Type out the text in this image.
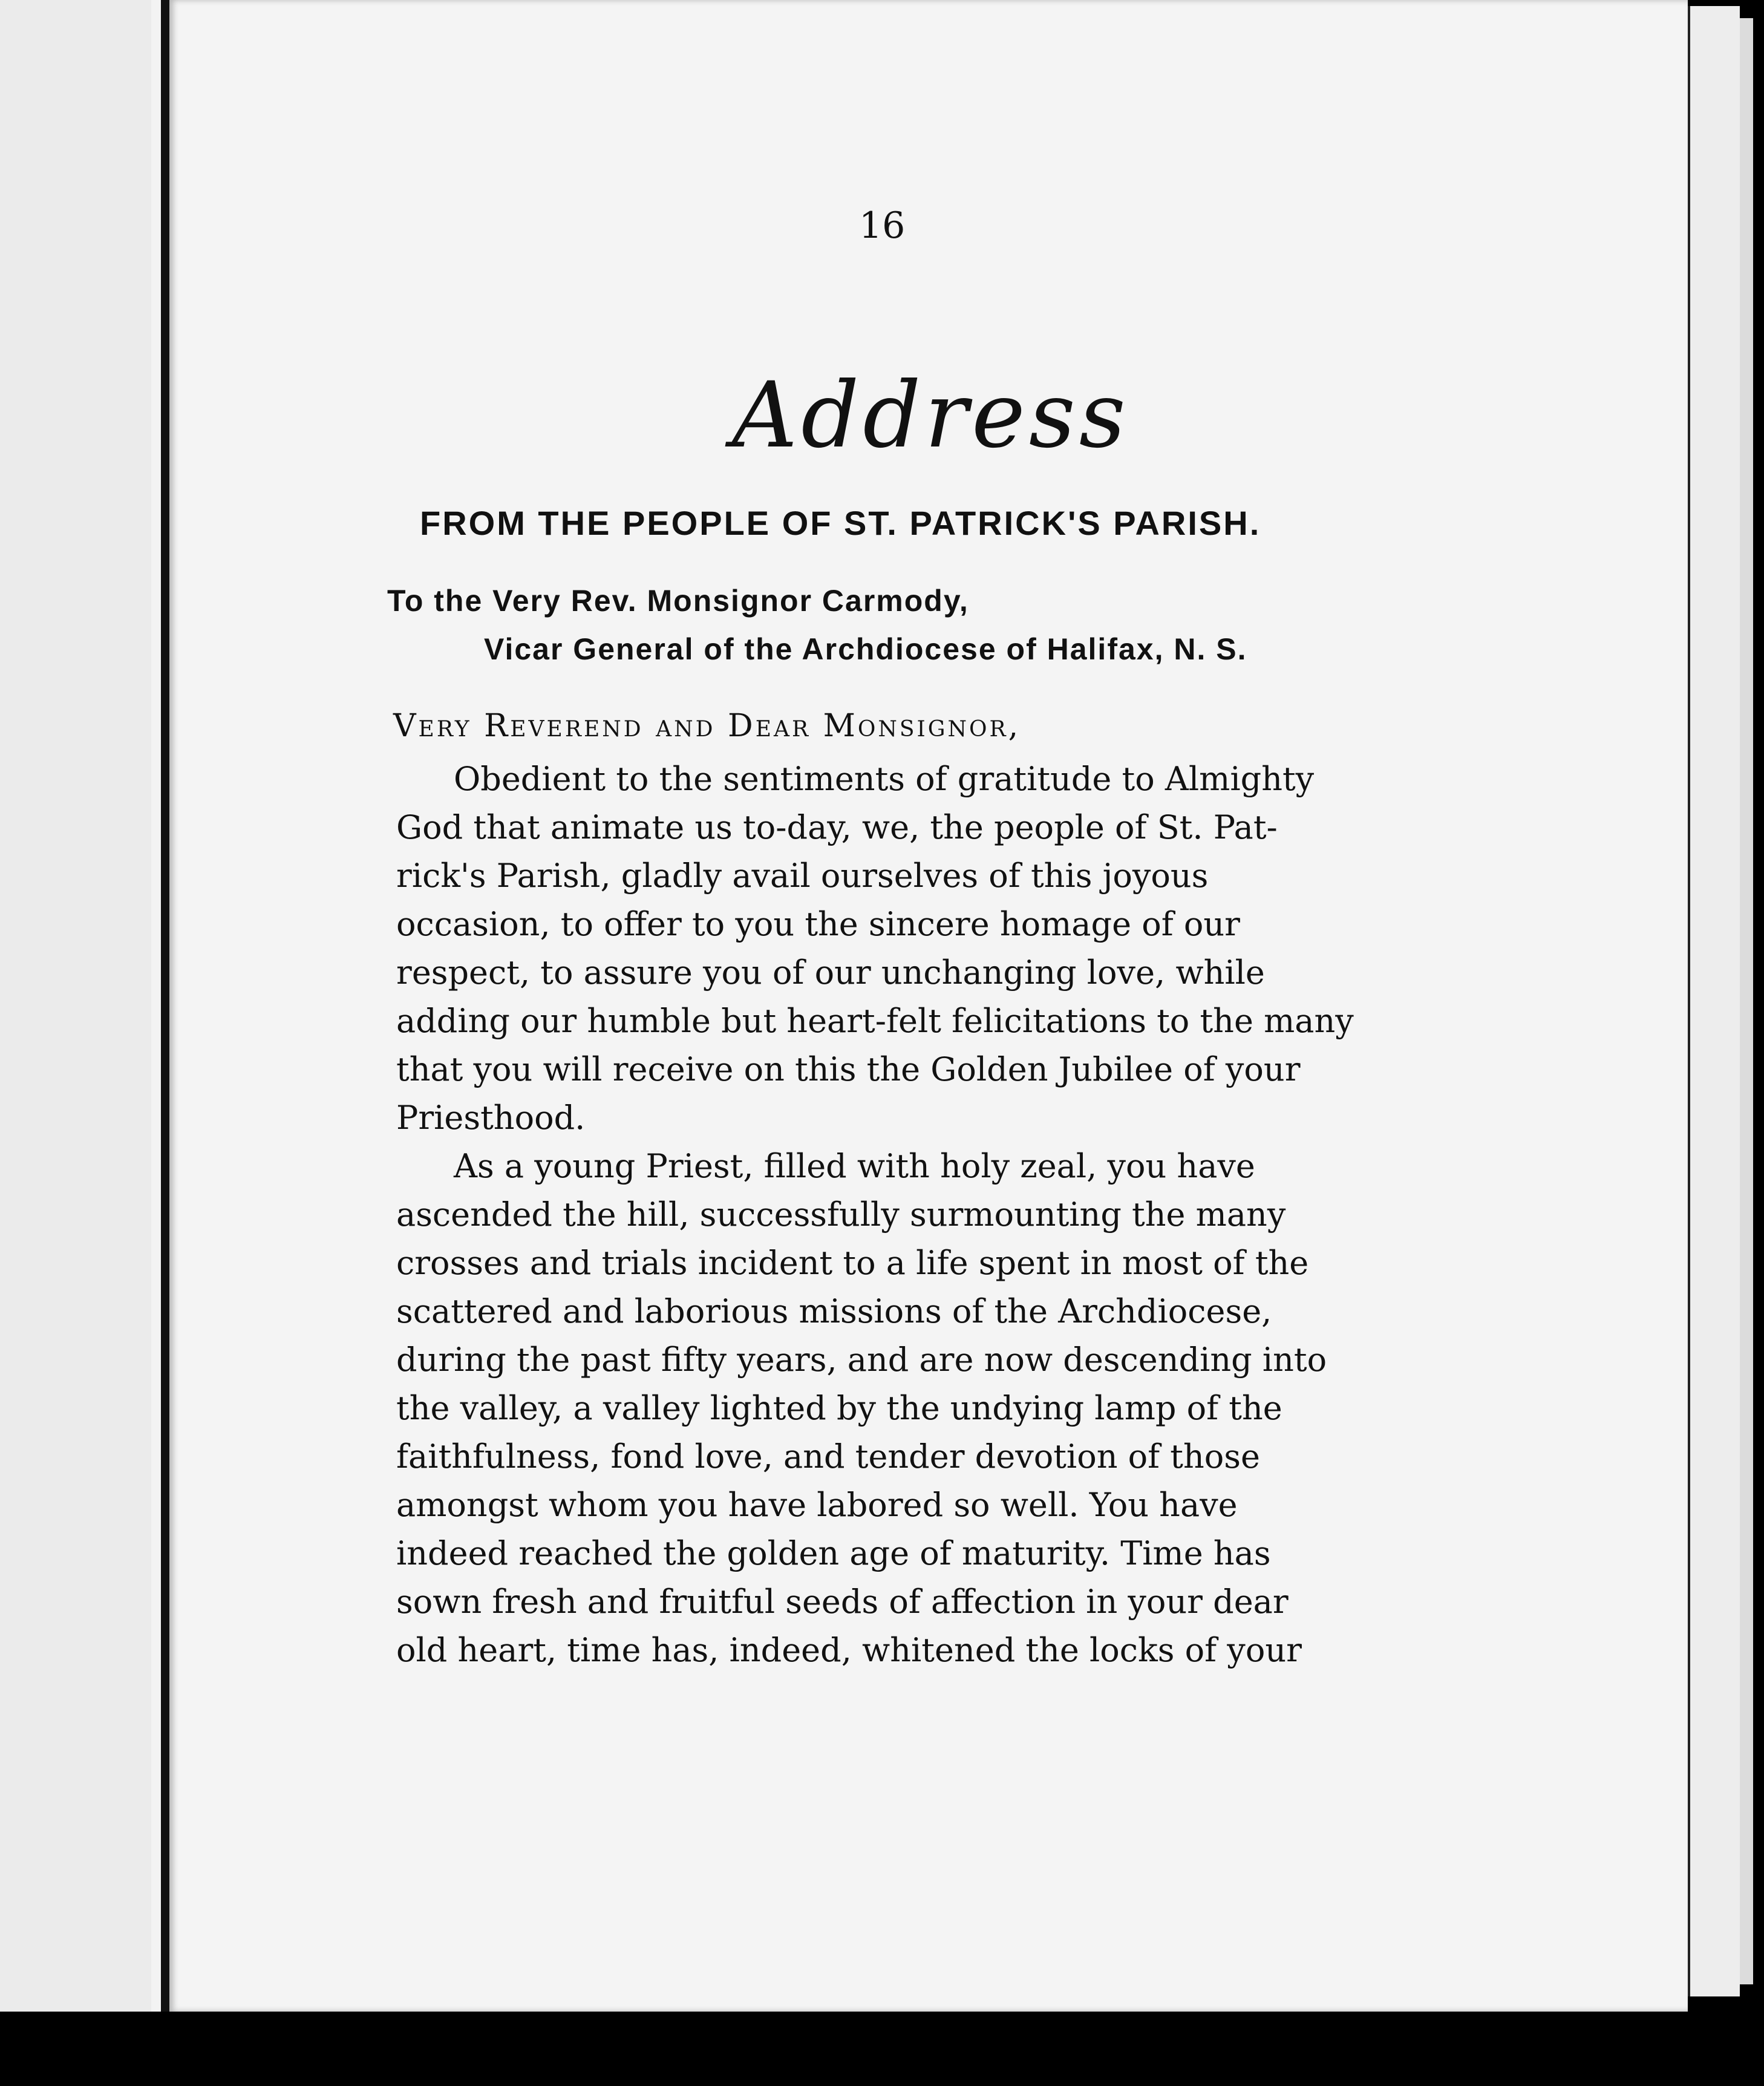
16
Address
FROM THE PEOPLE OF ST. PATRICK'S PARISH.
To the Very Rev. Monsignor Carmody,
Vicar General of the Archdiocese of Halifax, N. S.
Very Reverend and Dear Monsignor,
Obedient to the sentiments of gratitude to Almighty
God that animate us to-day, we, the people of St. Pat-
rick's Parish, gladly avail ourselves of this joyous
occasion, to offer to you the sincere homage of our
respect, to assure you of our unchanging love, while
adding our humble but heart-felt felicitations to the many
that you will receive on this the Golden Jubilee of your
Priesthood.
As a young Priest, filled with holy zeal, you have
ascended the hill, successfully surmounting the many
crosses and trials incident to a life spent in most of the
scattered and laborious missions of the Archdiocese,
during the past fifty years, and are now descending into
the valley, a valley lighted by the undying lamp of the
faithfulness, fond love, and tender devotion of those
amongst whom you have labored so well. You have
indeed reached the golden age of maturity. Time has
sown fresh and fruitful seeds of affection in your dear
old heart, time has, indeed, whitened the locks of your
